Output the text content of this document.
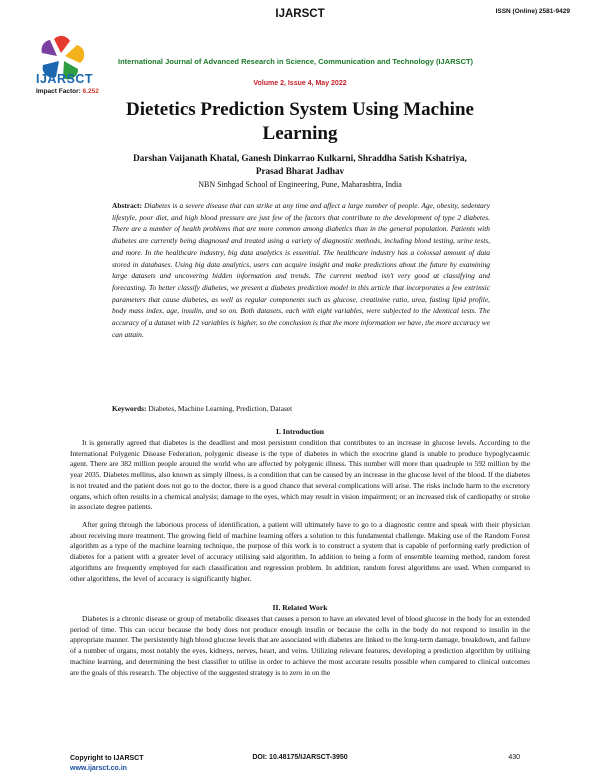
IJARSCT	ISSN (Online) 2581-9429
IJARSCT
Impact Factor: 6.252
International Journal of Advanced Research in Science, Communication and Technology (IJARSCT)
Volume 2, Issue 4, May 2022
Dietetics Prediction System Using Machine Learning
Darshan Vaijanath Khatal, Ganesh Dinkarrao Kulkarni, Shraddha Satish Kshatriya,
Prasad Bharat Jadhav
NBN Sinhgad School of Engineering, Pune, Maharashtra, India
Abstract: Diabetes is a severe disease that can strike at any time and affect a large number of people. Age, obesity, sedentary lifestyle, poor diet, and high blood pressure are just few of the factors that contribute to the development of type 2 diabetes. There are a number of health problems that are more common among diabetics than in the general population. Patients with diabetes are currently being diagnosed and treated using a variety of diagnostic methods, including blood testing, urine tests, and more. In the healthcare industry, big data analytics is essential. The healthcare industry has a colossal amount of data stored in databases. Using big data analytics, users can acquire insight and make predictions about the future by examining large datasets and uncovering hidden information and trends. The current method isn't very good at classifying and forecasting. To better classify diabetes, we present a diabetes prediction model in this article that incorporates a few extrinsic parameters that cause diabetes, as well as regular components such as glucose, creatinine ratio, urea, fasting lipid profile, body mass index, age, insulin, and so on. Both datasets, each with eight variables, were subjected to the identical tests. The accuracy of a dataset with 12 variables is higher, so the conclusion is that the more information we have, the more accuracy we can attain.
Keywords: Diabetes, Machine Learning, Prediction, Dataset
I. Introduction

It is generally agreed that diabetes is the deadliest and most persistent condition that contributes to an increase in glucose levels. According to the International Polygenic Disease Federation, polygenic disease is the type of diabetes in which the exocrine gland is unable to produce hypoglycaemic agent. There are 382 million people around the world who are affected by polygenic illness. This number will more than quadruple to 592 million by the year 2035. Diabetes mellitus, also known as simply illness, is a condition that can be caused by an increase in the glucose level of the blood. If the diabetes is not treated and the patient does not go to the doctor, there is a good chance that several complications will arise. The risks include harm to the excretory organs, which often results in a chemical analysis; damage to the eyes, which may result in vision impairment; or an increased risk of cardiopathy or stroke in associate degree patients.

After going through the laborious process of identification, a patient will ultimately have to go to a diagnostic centre and speak with their physician about receiving more treatment. The growing field of machine learning offers a solution to this fundamental challenge. Making use of the Random Forest algorithm as a type of the machine learning technique, the purpose of this work is to construct a system that is capable of performing early prediction of diabetes for a patient with a greater level of accuracy utilising said algorithm. In addition to being a form of ensemble learning method, random forest algorithms are frequently employed for each classification and regression problem. In addition, random forest algorithms are used. When compared to other algorithms, the level of accuracy is significantly higher.

II. Related Work

Diabetes is a chronic disease or group of metabolic diseases that causes a person to have an elevated level of blood glucose in the body for an extended period of time. This can occur because the body does not produce enough insulin or because the cells in the body do not respond to insulin in the appropriate manner. The persistently high blood glucose levels that are associated with diabetes are linked to the long-term damage, breakdown, and failure of a number of organs, most notably the eyes, kidneys, nerves, heart, and veins. Utilizing relevant features, developing a prediction algorithm by utilising machine learning, and determining the best classifier to utilise in order to achieve the most accurate results possible when compared to clinical outcomes are the goals of this research. The objective of the suggested strategy is to zero in on the

Copyright to IJARSCT
www.ijarsct.co.in
DOI: 10.48175/IJARSCT-3950	430
